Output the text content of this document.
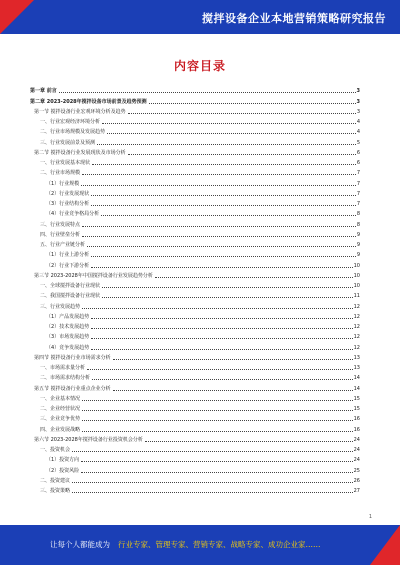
搅拌设备企业本地营销策略研究报告
内容目录
第一章 前言	3
第二章 2023-2028年搅拌设备市场前景及趋势预测	3
第一节 搅拌设备行业宏观环境分析及趋势	3
一、行业宏观经济环境分析	4
二、行业市场规模及发展趋势	4
三、行业发展前景及预测	5
第二节 搅拌设备行业发展现状及市场分析	6
一、行业发展基本现状	6
二、行业市场规模	7
（1）行业规模	7
（2）行业发展现状	7
（3）行业结构分析	7
（4）行业竞争格局分析	8
三、行业发展特点	8
四、行业壁垒分析	9
五、行业产业链分析	9
（1）行业上游分析	9
（2）行业下游分析	10
第三节 2023-2028年中国搅拌设备行业发展趋势分析	10
一、全球搅拌设备行业现状	10
二、我国搅拌设备行业现状	11
三、行业发展趋势	12
（1）产品发展趋势	12
（2）技术发展趋势	12
（3）市场发展趋势	12
（4）竞争发展趋势	12
第四节 搅拌设备行业市场需求分析	13
一、市场需求量分析	13
二、市场需求结构分析	14
第五节 搅拌设备行业重点企业分析	14
一、企业基本情况	15
二、企业经营状况	15
三、企业竞争优势	16
四、企业发展战略	16
第六节 2023-2028年搅拌设备行业投资机会分析	24
一、投资机会	24
（1）投资方向	24
（2）投资风险	25
二、投资建议	26
三、投资策略	27
1
让每个人都能成为 行业专家、管理专家、营销专家、战略专家、成功企业家……
